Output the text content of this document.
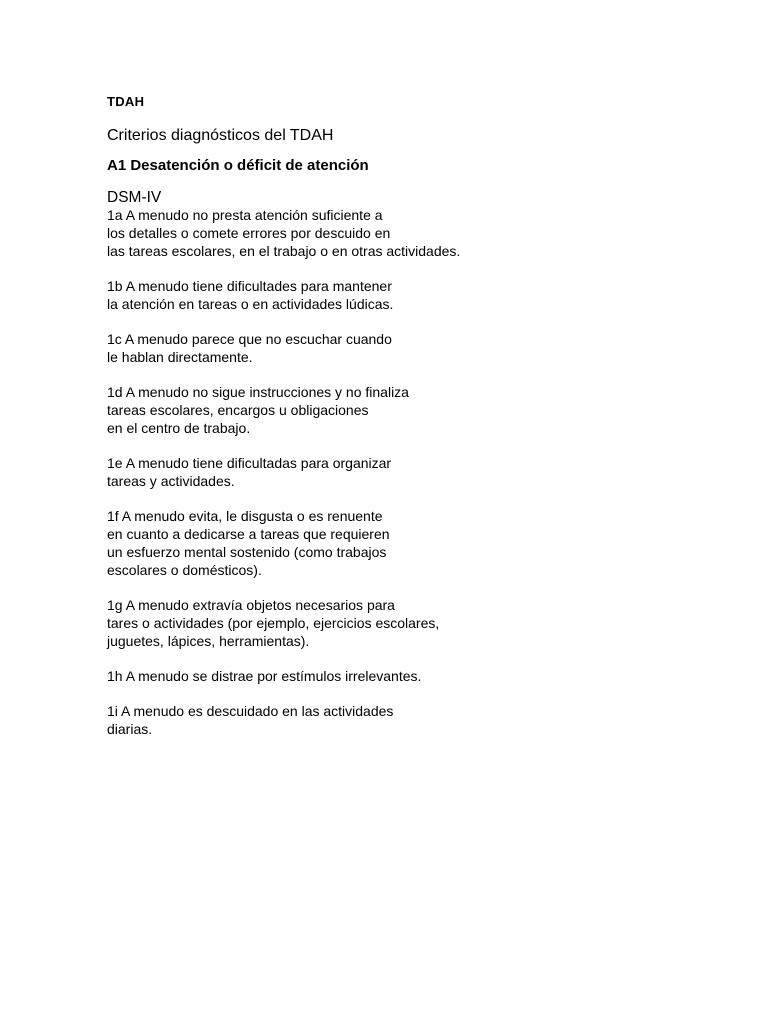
TDAH
Criterios diagnósticos del TDAH
A1 Desatención o déficit de atención
DSM-IV
1a A menudo no presta atención suficiente a
los detalles o comete errores por descuido en
las tareas escolares, en el trabajo o en otras actividades.
1b A menudo tiene dificultades para mantener
la atención en tareas o en actividades lúdicas.
1c A menudo parece que no escuchar cuando
le hablan directamente.
1d A menudo no sigue instrucciones y no finaliza
tareas escolares, encargos u obligaciones
en el centro de trabajo.
1e A menudo tiene dificultadas para organizar
tareas y actividades.
1f A menudo evita, le disgusta o es renuente
en cuanto a dedicarse a tareas que requieren
un esfuerzo mental sostenido (como trabajos
escolares o domésticos).
1g A menudo extravía objetos necesarios para
tares o actividades (por ejemplo, ejercicios escolares,
juguetes, lápices, herramientas).
1h A menudo se distrae por estímulos irrelevantes.
1i A menudo es descuidado en las actividades
diarias.
